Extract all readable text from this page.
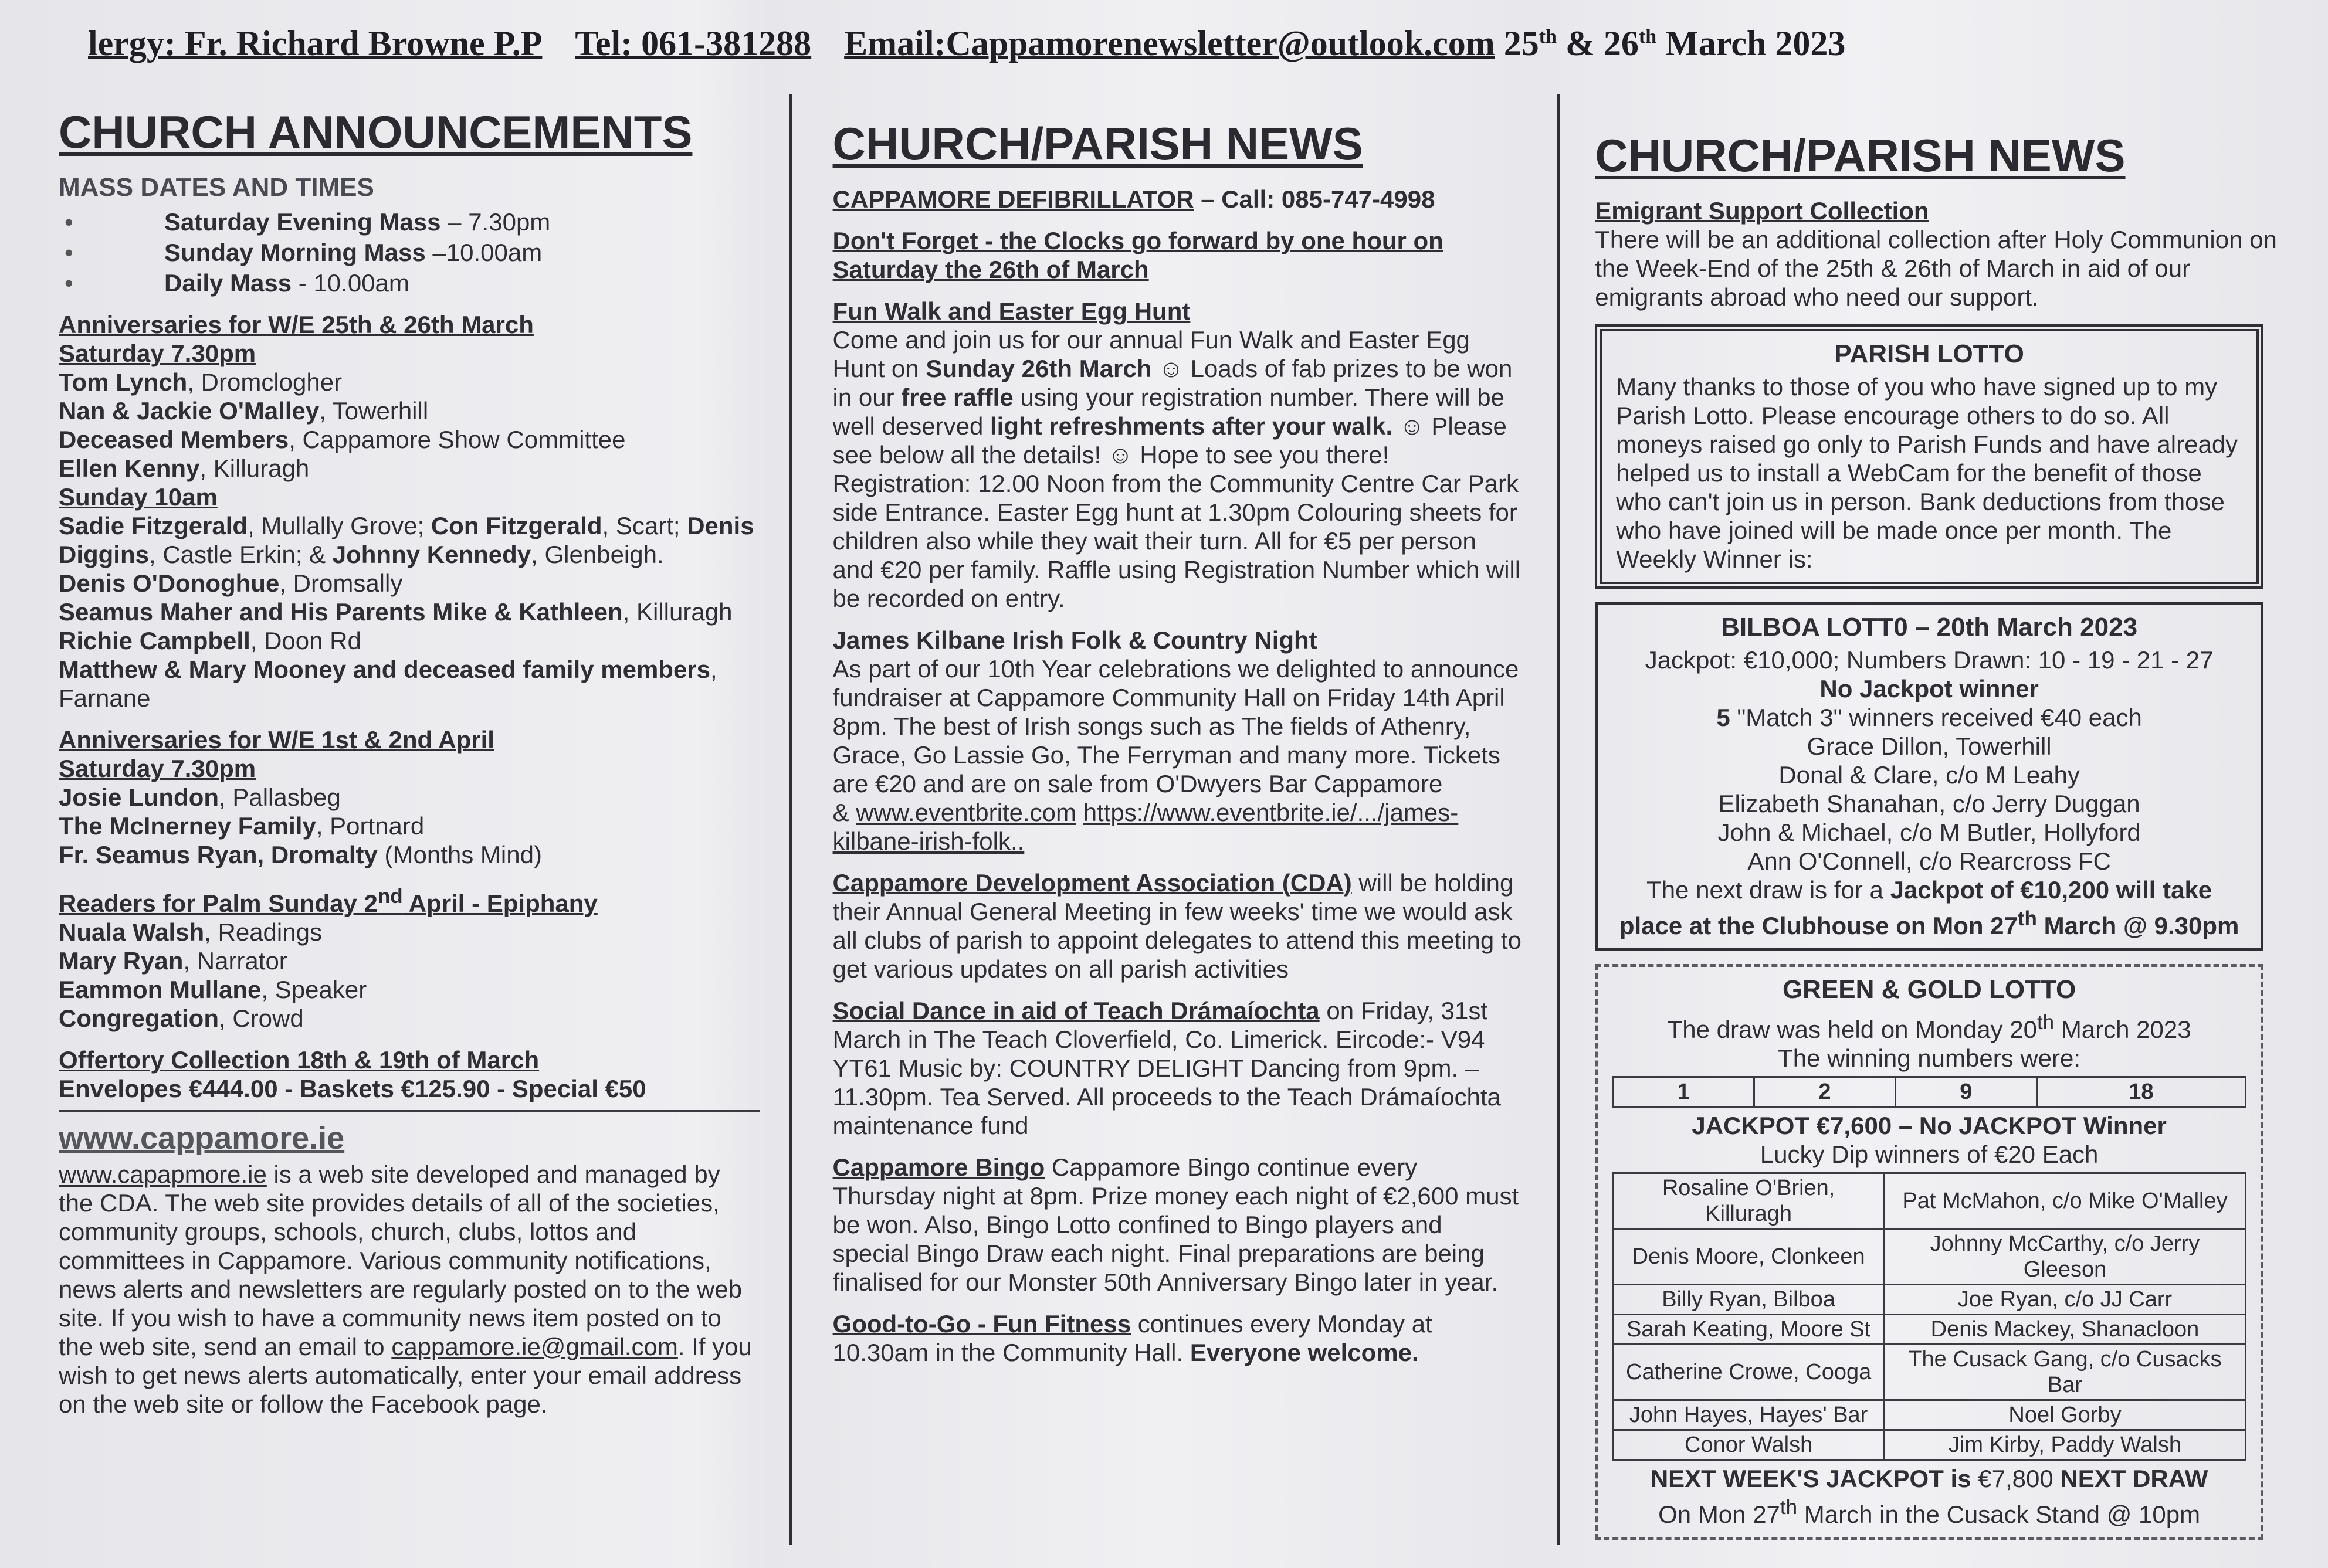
lergy: Fr. Richard Browne P.P Tel: 061-381288 Email:Cappamorenewsletter@outlook.com 25th & 26th March 2023
CHURCH ANNOUNCEMENTS
MASS DATES AND TIMES
•	Saturday Evening Mass – 7.30pm
•	Sunday Morning Mass –10.00am
•	Daily Mass - 10.00am
Anniversaries for W/E 25th & 26th March
Saturday 7.30pm

Tom Lynch, Dromclogher

Nan & Jackie O'Malley, Towerhill

Deceased Members, Cappamore Show Committee

Ellen Kenny, Killuragh

Sunday 10am

Sadie Fitzgerald, Mullally Grove; Con Fitzgerald, Scart; Denis Diggins, Castle Erkin; & Johnny Kennedy, Glenbeigh.

Denis O'Donoghue, Dromsally

Seamus Maher and His Parents Mike & Kathleen, Killuragh

Richie Campbell, Doon Rd

Matthew & Mary Mooney and deceased family members, Farnane

Anniversaries for W/E 1st & 2nd April
Saturday 7.30pm

Josie Lundon, Pallasbeg

The McInerney Family, Portnard

Fr. Seamus Ryan, Dromalty (Months Mind)

Readers for Palm Sunday 2nd April - Epiphany

Nuala Walsh, Readings

Mary Ryan, Narrator

Eammon Mullane, Speaker

Congregation, Crowd

Offertory Collection 18th & 19th of March
Envelopes €444.00 - Baskets €125.90 - Special €50
www.cappamore.ie

www.capapmore.ie is a web site developed and managed by the CDA. The web site provides details of all of the societies, community groups, schools, church, clubs, lottos and committees in Cappamore. Various community notifications, news alerts and newsletters are regularly posted on to the web site. If you wish to have a community news item posted on to the web site, send an email to cappamore.ie@gmail.com. If you wish to get news alerts automatically, enter your email address on the web site or follow the Facebook page.

CHURCH/PARISH NEWS

CAPPAMORE DEFIBRILLATOR – Call: 085-747-4998

Don't Forget - the Clocks go forward by one hour on Saturday the 26th of March

Fun Walk and Easter Egg Hunt

Come and join us for our annual Fun Walk and Easter Egg Hunt on Sunday 26th March ☺ Loads of fab prizes to be won in our free raffle using your registration number. There will be well deserved light refreshments after your walk. ☺ Please see below all the details! ☺ Hope to see you there! Registration: 12.00 Noon from the Community Centre Car Park side Entrance. Easter Egg hunt at 1.30pm Colouring sheets for children also while they wait their turn. All for €5 per person and €20 per family. Raffle using Registration Number which will be recorded on entry.

James Kilbane Irish Folk & Country Night

As part of our 10th Year celebrations we delighted to announce fundraiser at Cappamore Community Hall on Friday 14th April 8pm. The best of Irish songs such as The fields of Athenry, Grace, Go Lassie Go, The Ferryman and many more. Tickets are €20 and are on sale from O'Dwyers Bar Cappamore

& www.eventbrite.com https://www.eventbrite.ie/.../james-kilbane-irish-folk..

Cappamore Development Association (CDA) will be holding their Annual General Meeting in few weeks' time we would ask all clubs of parish to appoint delegates to attend this meeting to get various updates on all parish activities

Social Dance in aid of Teach Drámaíochta on Friday, 31st March in The Teach Cloverfield, Co. Limerick. Eircode:- V94 YT61 Music by: COUNTRY DELIGHT Dancing from 9pm. – 11.30pm. Tea Served. All proceeds to the Teach Drámaíochta maintenance fund

Cappamore Bingo Cappamore Bingo continue every Thursday night at 8pm. Prize money each night of €2,600 must be won. Also, Bingo Lotto confined to Bingo players and special Bingo Draw each night. Final preparations are being finalised for our Monster 50th Anniversary Bingo later in year.

Good-to-Go - Fun Fitness continues every Monday at 10.30am in the Community Hall. Everyone welcome.

CHURCH/PARISH NEWS
Emigrant Support Collection

There will be an additional collection after Holy Communion on the Week-End of the 25th & 26th of March in aid of our emigrants abroad who need our support.

PARISH LOTTO

Many thanks to those of you who have signed up to my Parish Lotto. Please encourage others to do so. All moneys raised go only to Parish Funds and have already helped us to install a WebCam for the benefit of those who can't join us in person. Bank deductions from those who have joined will be made once per month. The Weekly Winner is:

BILBOA LOTT0 – 20th March 2023
Jackpot: €10,000; Numbers Drawn: 10 - 19 - 21 - 27
No Jackpot winner
5 "Match 3" winners received €40 each
Grace Dillon, Towerhill
Donal & Clare, c/o M Leahy
Elizabeth Shanahan, c/o Jerry Duggan
John & Michael, c/o M Butler, Hollyford
Ann O'Connell, c/o Rearcross FC
The next draw is for a Jackpot of €10,200 will take place at the Clubhouse on Mon 27th March @ 9.30pm
GREEN & GOLD LOTTO
The draw was held on Monday 20th March 2023
The winning numbers were:
1	2	9	18
JACKPOT €7,600 – No JACKPOT Winner
Lucky Dip winners of €20 Each
Rosaline O'Brien, Killuragh	Pat McMahon, c/o Mike O'Malley
Denis Moore, Clonkeen	Johnny McCarthy, c/o Jerry Gleeson
Billy Ryan, Bilboa	Joe Ryan, c/o JJ Carr
Sarah Keating, Moore St	Denis Mackey, Shanacloon
Catherine Crowe, Cooga	The Cusack Gang, c/o Cusacks Bar
John Hayes, Hayes' Bar	Noel Gorby
Conor Walsh	Jim Kirby, Paddy Walsh
NEXT WEEK'S JACKPOT is €7,800 NEXT DRAW
On Mon 27th March in the Cusack Stand @ 10pm
